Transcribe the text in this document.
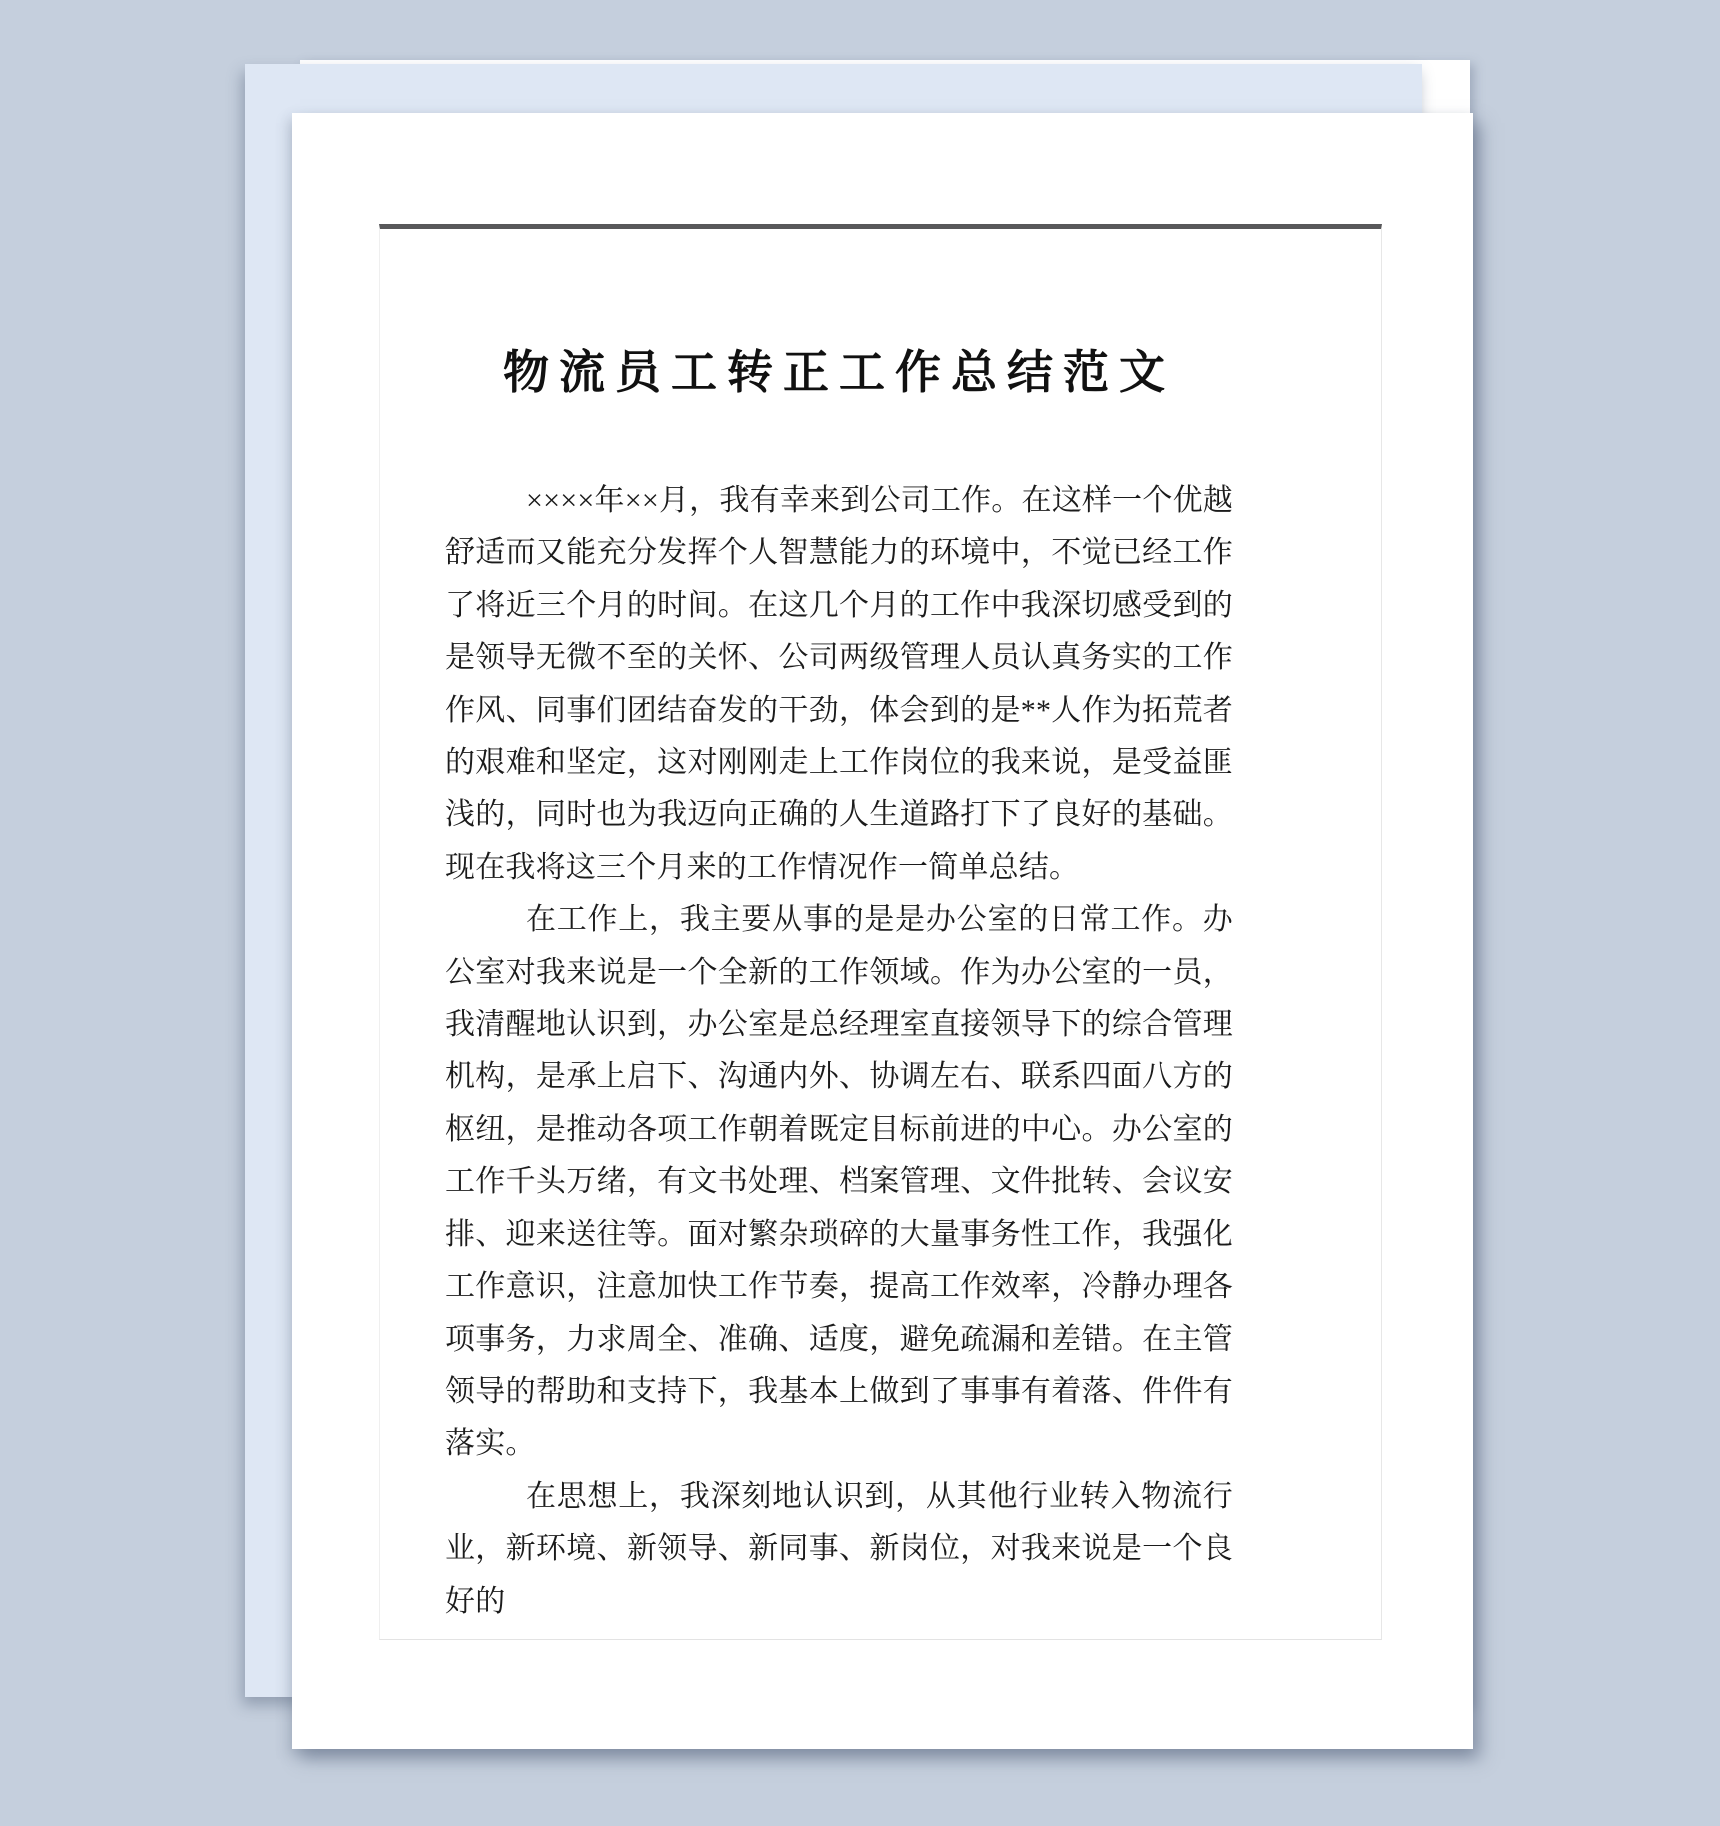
物流员工转正工作总结范文

××××年××月，我有幸来到公司工作。在这样一个优越舒适而又能充分发挥个人智慧能力的环境中，不觉已经工作了将近三个月的时间。在这几个月的工作中我深切感受到的是领导无微不至的关怀、公司两级管理人员认真务实的工作作风、同事们团结奋发的干劲，体会到的是**人作为拓荒者的艰难和坚定，这对刚刚走上工作岗位的我来说，是受益匪浅的，同时也为我迈向正确的人生道路打下了良好的基础。现在我将这三个月来的工作情况作一简单总结。

在工作上，我主要从事的是是办公室的日常工作。办公室对我来说是一个全新的工作领域。作为办公室的一员，我清醒地认识到，办公室是总经理室直接领导下的综合管理机构，是承上启下、沟通内外、协调左右、联系四面八方的枢纽，是推动各项工作朝着既定目标前进的中心。办公室的工作千头万绪，有文书处理、档案管理、文件批转、会议安排、迎来送往等。面对繁杂琐碎的大量事务性工作，我强化工作意识，注意加快工作节奏，提高工作效率，冷静办理各项事务，力求周全、准确、适度，避免疏漏和差错。在主管领导的帮助和支持下，我基本上做到了事事有着落、件件有落实。

在思想上，我深刻地认识到，从其他行业转入物流行业，新环境、新领导、新同事、新岗位，对我来说是一个良好的
